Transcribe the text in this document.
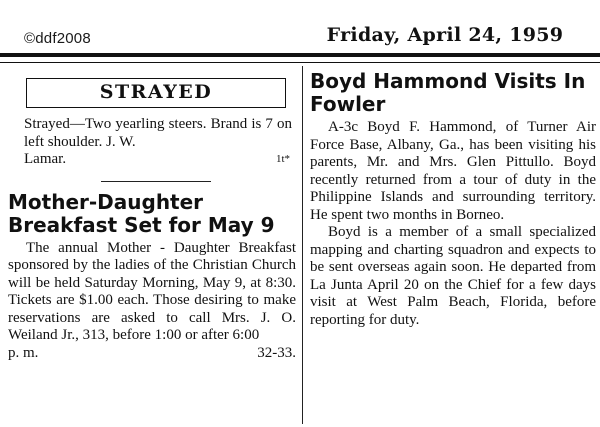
©ddf2008	Friday, April 24, 1959
STRAYED
Strayed—Two yearling steers. Brand is 7 on left shoulder. J. W.
Lamar.	1t*
Mother-Daughter Breakfast Set for May 9

The annual Mother - Daughter Breakfast sponsored by the ladies of the Christian Church will be held Saturday Morning, May 9, at 8:30. Tickets are $1.00 each. Those desiring to make reservations are asked to call Mrs. J. O. Weiland Jr., 313, before 1:00 or after 6:00

p. m.	32-33.
Boyd Hammond Visits In Fowler

A-3c Boyd F. Hammond, of Turner Air Force Base, Albany, Ga., has been visiting his parents, Mr. and Mrs. Glen Pittullo. Boyd recently returned from a tour of duty in the Philippine Islands and surrounding territory. He spent two months in Borneo.

Boyd is a member of a small specialized mapping and charting squadron and expects to be sent overseas again soon. He departed from La Junta April 20 on the Chief for a few days visit at West Palm Beach, Florida, before reporting for duty.
